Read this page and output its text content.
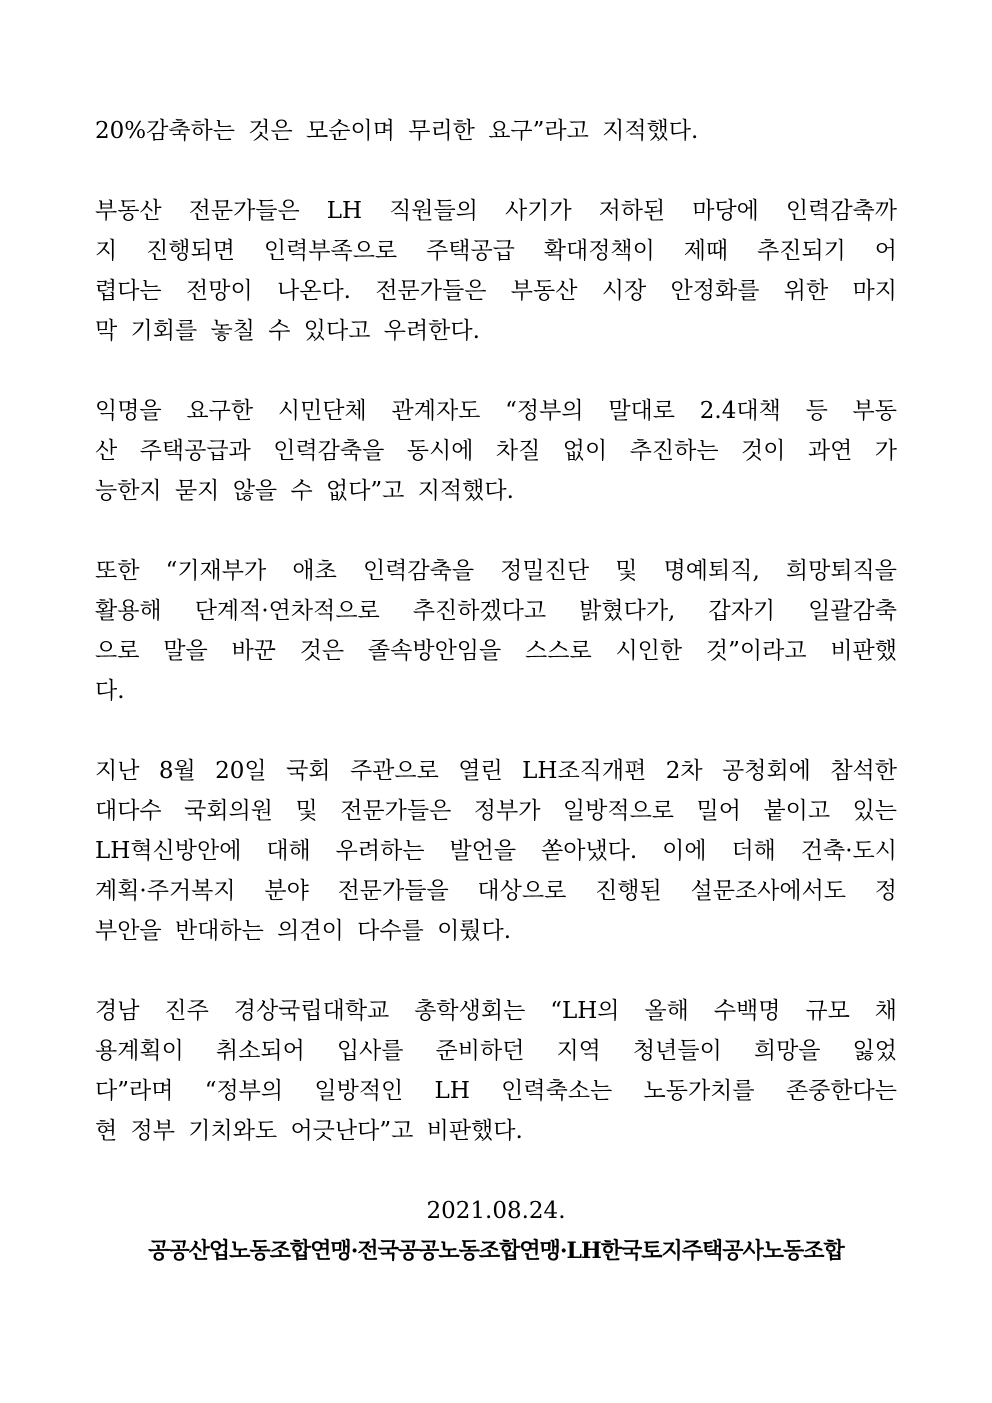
20%감축하는 것은 모순이며 무리한 요구”라고 지적했다.
부동산 전문가들은 LH 직원들의 사기가 저하된 마당에 인력감축까
지 진행되면 인력부족으로 주택공급 확대정책이 제때 추진되기 어
렵다는 전망이 나온다. 전문가들은 부동산 시장 안정화를 위한 마지
막 기회를 놓칠 수 있다고 우려한다.
익명을 요구한 시민단체 관계자도 “정부의 말대로 2.4대책 등 부동
산 주택공급과 인력감축을 동시에 차질 없이 추진하는 것이 과연 가
능한지 묻지 않을 수 없다”고 지적했다.
또한 “기재부가 애초 인력감축을 정밀진단 및 명예퇴직, 희망퇴직을
활용해 단계적·연차적으로 추진하겠다고 밝혔다가, 갑자기 일괄감축
으로 말을 바꾼 것은 졸속방안임을 스스로 시인한 것”이라고 비판했
다.
지난 8월 20일 국회 주관으로 열린 LH조직개편 2차 공청회에 참석한
대다수 국회의원 및 전문가들은 정부가 일방적으로 밀어 붙이고 있는
LH혁신방안에 대해 우려하는 발언을 쏟아냈다. 이에 더해 건축·도시
계획·주거복지 분야 전문가들을 대상으로 진행된 설문조사에서도 정
부안을 반대하는 의견이 다수를 이뤘다.
경남 진주 경상국립대학교 총학생회는 “LH의 올해 수백명 규모 채
용계획이 취소되어 입사를 준비하던 지역 청년들이 희망을 잃었
다”라며 “정부의 일방적인 LH 인력축소는 노동가치를 존중한다는
현 정부 기치와도 어긋난다”고 비판했다.
2021.08.24.
공공산업노동조합연맹·전국공공노동조합연맹·LH한국토지주택공사노동조합
